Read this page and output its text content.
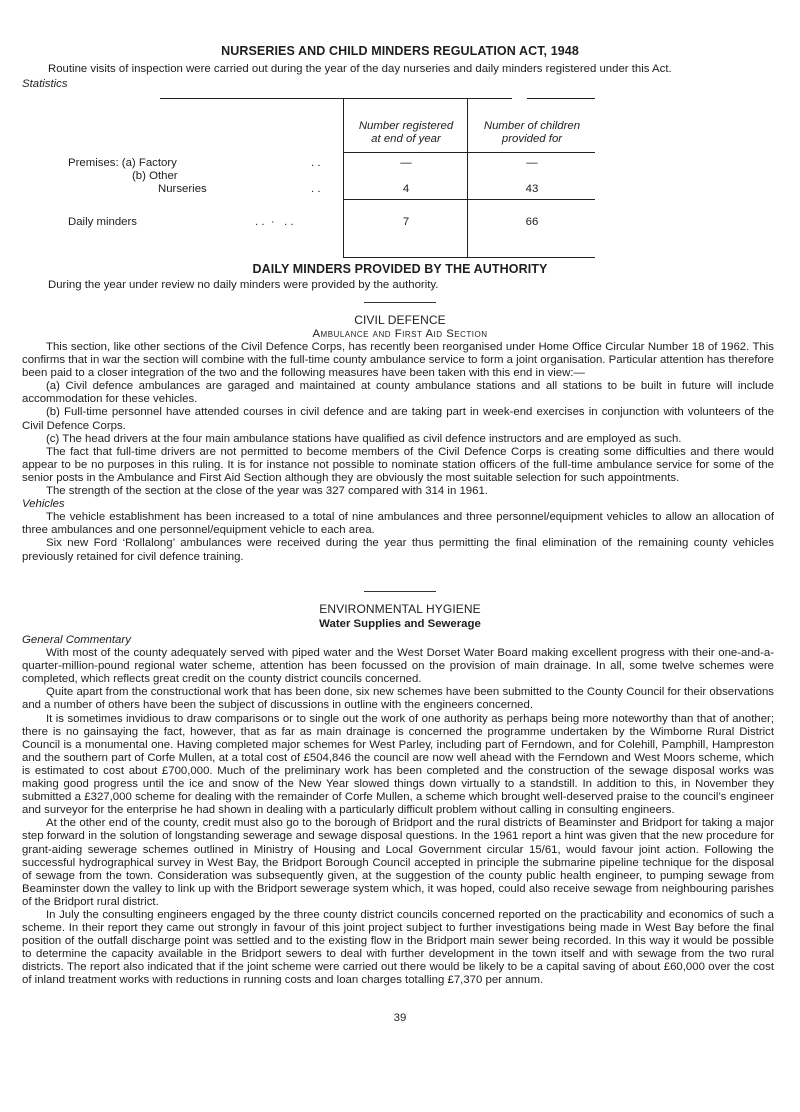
NURSERIES AND CHILD MINDERS REGULATION ACT, 1948
Routine visits of inspection were carried out during the year of the day nurseries and daily minders registered under this Act.
Statistics
Number registered
at end of year
Number of children
provided for
Premises: (a) Factory	. .	—	—
(b) Other
Nurseries	. .	4	43
Daily minders	. .  ·   . .	7	66
DAILY MINDERS PROVIDED BY THE AUTHORITY
During the year under review no daily minders were provided by the authority.
CIVIL DEFENCE
Ambulance and First Aid Section

This section, like other sections of the Civil Defence Corps, has recently been reorganised under Home Office Circular Number 18 of 1962. This confirms that in war the section will combine with the full-time county ambulance service to form a joint organisation. Particular attention has therefore been paid to a closer integration of the two and the following measures have been taken with this end in view:—

(a) Civil defence ambulances are garaged and maintained at county ambulance stations and all stations to be built in future will include accommodation for these vehicles.

(b) Full-time personnel have attended courses in civil defence and are taking part in week-end exercises in conjunction with volunteers of the Civil Defence Corps.

(c) The head drivers at the four main ambulance stations have qualified as civil defence instructors and are employed as such.

The fact that full-time drivers are not permitted to become members of the Civil Defence Corps is creating some difficulties and there would appear to be no purposes in this ruling. It is for instance not possible to nominate station officers of the full-time ambulance service for some of the senior posts in the Ambulance and First Aid Section although they are obviously the most suitable selection for such appointments.

The strength of the section at the close of the year was 327 compared with 314 in 1961.

Vehicles

The vehicle establishment has been increased to a total of nine ambulances and three personnel/equipment vehicles to allow an allocation of three ambulances and one personnel/equipment vehicle to each area.

Six new Ford ‘Rollalong’ ambulances were received during the year thus permitting the final elimination of the remaining county vehicles previously retained for civil defence training.

ENVIRONMENTAL HYGIENE
Water Supplies and Sewerage

General Commentary

With most of the county adequately served with piped water and the West Dorset Water Board making excellent progress with their one-and-a-quarter-million-pound regional water scheme, attention has been focussed on the provision of main drainage. In all, some twelve schemes were completed, which reflects great credit on the county district councils concerned.

Quite apart from the constructional work that has been done, six new schemes have been submitted to the County Council for their observations and a number of others have been the subject of discussions in outline with the engineers concerned.

It is sometimes invidious to draw comparisons or to single out the work of one authority as perhaps being more noteworthy than that of another; there is no gainsaying the fact, however, that as far as main drainage is concerned the programme undertaken by the Wimborne Rural District Council is a monumental one. Having completed major schemes for West Parley, including part of Ferndown, and for Colehill, Pamphill, Hampreston and the southern part of Corfe Mullen, at a total cost of £504,846 the council are now well ahead with the Ferndown and West Moors scheme, which is estimated to cost about £700,000. Much of the preliminary work has been completed and the construction of the sewage disposal works was making good progress until the ice and snow of the New Year slowed things down virtually to a standstill. In addition to this, in November they submitted a £327,000 scheme for dealing with the remainder of Corfe Mullen, a scheme which brought well-deserved praise to the council’s engineer and surveyor for the enterprise he had shown in dealing with a particularly difficult problem without calling in consulting engineers.

At the other end of the county, credit must also go to the borough of Bridport and the rural districts of Beaminster and Bridport for taking a major step forward in the solution of longstanding sewerage and sewage disposal questions. In the 1961 report a hint was given that the new procedure for grant-aiding sewerage schemes outlined in Ministry of Housing and Local Government circular 15/61, would favour joint action. Following the successful hydrographical survey in West Bay, the Bridport Borough Council accepted in principle the submarine pipeline technique for the disposal of sewage from the town. Consideration was subsequently given, at the suggestion of the county public health engineer, to pumping sewage from Beaminster down the valley to link up with the Bridport sewerage system which, it was hoped, could also receive sewage from neighbouring parishes of the Bridport rural district.

In July the consulting engineers engaged by the three county district councils concerned reported on the practicability and economics of such a scheme. In their report they came out strongly in favour of this joint project subject to further investigations being made in West Bay before the final position of the outfall discharge point was settled and to the existing flow in the Bridport main sewer being recorded. In this way it would be possible to determine the capacity available in the Bridport sewers to deal with further development in the town itself and with sewage from the two rural districts. The report also indicated that if the joint scheme were carried out there would be likely to be a capital saving of about £60,000 over the cost of inland treatment works with reductions in running costs and loan charges totalling £7,370 per annum.

39
